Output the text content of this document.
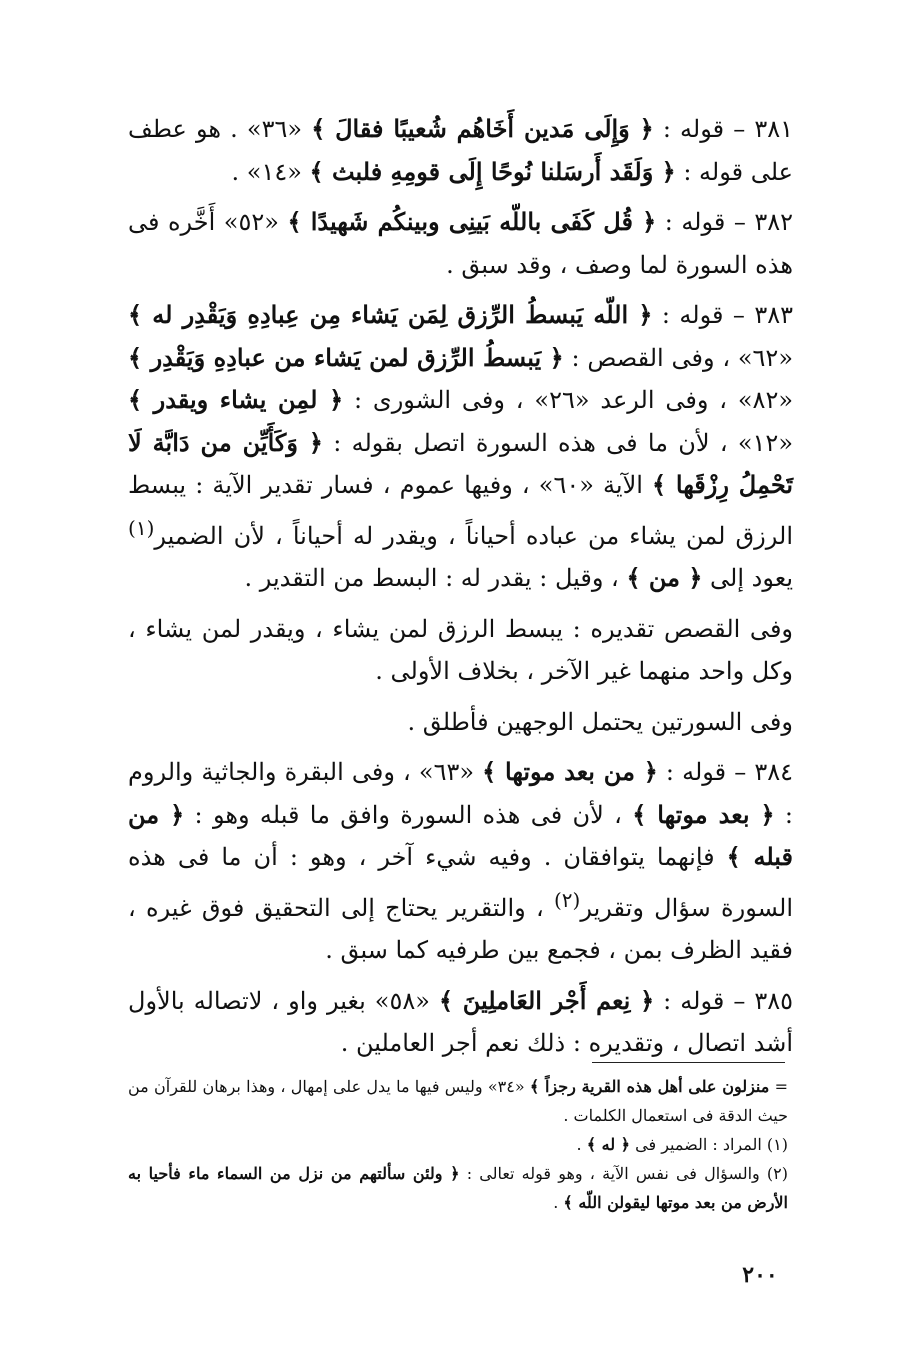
٣٨١ – قوله : ﴿ وَإِلَى مَدين أَخَاهُم شُعيبًا فقالَ ﴾ «٣٦» . هو عطف على قوله : ﴿ وَلَقَد أَرسَلنا نُوحًا إِلَى قومِهِ فلبث ﴾ «١٤» .

٣٨٢ – قوله : ﴿ قُل كَفَى باللّه بَينِى وبينكُم شَهيدًا ﴾ «٥٢» أَخَّره فى هذه السورة لما وصف ، وقد سبق .

٣٨٣ – قوله : ﴿ اللّه يَبسطُ الرِّزق لِمَن يَشاء مِن عِبادِهِ وَيَقْدِر له ﴾ «٦٢» ، وفى القصص : ﴿ يَبسطُ الرِّزق لمن يَشاء من عبادِهِ وَيَقْدِر ﴾ «٨٢» ، وفى الرعد «٢٦» ، وفى الشورى : ﴿ لمِن يشاء ويقدر ﴾ «١٢» ، لأن ما فى هذه السورة اتصل بقوله : ﴿ وَكَأَيِّن من دَابَّة لَا تَحْمِلُ رِزْقَها ﴾ الآية «٦٠» ، وفيها عموم ، فسار تقدير الآية : يبسط الرزق لمن يشاء من عباده أحياناً ، ويقدر له أحياناً ، لأن الضمير$^{(١)}$ يعود إلى ﴿ من ﴾ ، وقيل : يقدر له : البسط من التقدير .

وفى القصص تقديره : يبسط الرزق لمن يشاء ، ويقدر لمن يشاء ، وكل واحد منهما غير الآخر ، بخلاف الأولى .

وفى السورتين يحتمل الوجهين فأطلق .

٣٨٤ – قوله : ﴿ من بعد موتها ﴾ «٦٣» ، وفى البقرة والجاثية والروم : ﴿ بعد موتها ﴾ ، لأن فى هذه السورة وافق ما قبله وهو : ﴿ من قبله ﴾ فإنهما يتوافقان . وفيه شيء آخر ، وهو : أن ما فى هذه السورة سؤال وتقرير$^{(٢)}$ ، والتقرير يحتاج إلى التحقيق فوق غيره ، فقيد الظرف بمن ، فجمع بين طرفيه كما سبق .

٣٨٥ – قوله : ﴿ نِعم أَجْر العَاملِينَ ﴾ «٥٨» بغير واو ، لاتصاله بالأول أشد اتصال ، وتقديره : ذلك نعم أجر العاملين .

= منزلون على أهل هذه القرية رجزاً ﴾ «٣٤» وليس فيها ما يدل على إمهال ، وهذا برهان للقرآن من حيث الدقة فى استعمال الكلمات .

(١) المراد : الضمير فى ﴿ له ﴾ .

(٢) والسؤال فى نفس الآية ، وهو قوله تعالى : ﴿ ولئن سألتهم من نزل من السماء ماء فأحيا به الأرض من بعد موتها ليقولن اللّه ﴾ .

٢٠٠
